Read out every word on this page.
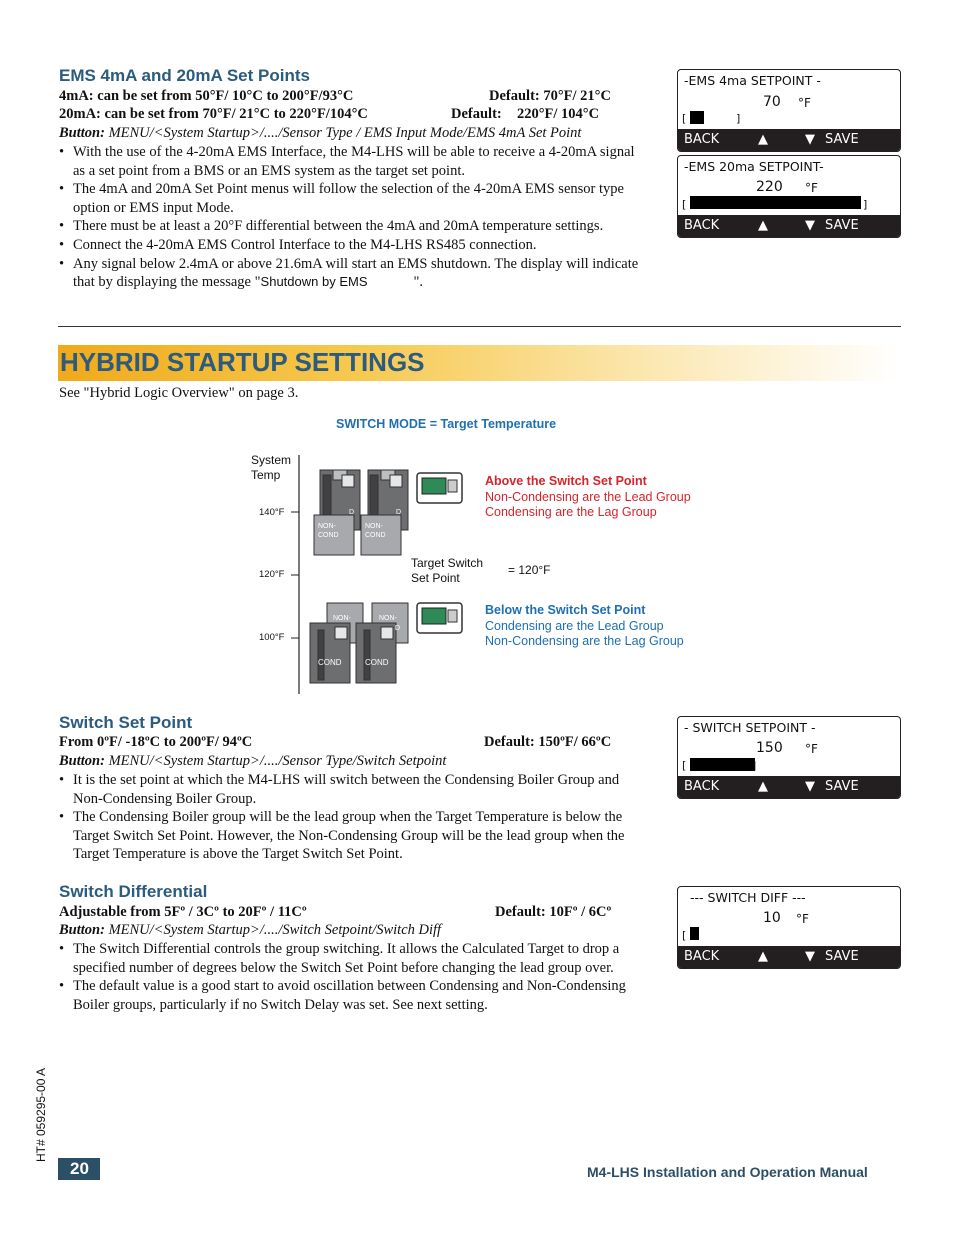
EMS 4mA and 20mA Set Points
4mA: can be set from 50°F/ 10°C to 200°F/93°C	Default: 70°F/ 21°C
20mA: can be set from 70°F/ 21°C to 220°F/104°C	Default: 220°F/ 104°C
Button: MENU/<System Startup>/..../Sensor Type / EMS Input Mode/EMS 4mA Set Point
• With the use of the 4-20mA EMS Interface, the M4-LHS will be able to receive a 4-20mA signal as a set point from a BMS or an EMS system as the target set point.
• The 4mA and 20mA Set Point menus will follow the selection of the 4-20mA EMS sensor type option or EMS input Mode.
• There must be at least a 20°F differential between the 4mA and 20mA temperature settings.
• Connect the 4-20mA EMS Control Interface to the M4-LHS RS485 connection.
• Any signal below 2.4mA or above 21.6mA will start an EMS shutdown. The display will indicate that by displaying the message "Shutdown by EMS	".
-EMS 4ma SETPOINT -
70 °F
[	]
BACK	▲	▼ SAVE
-EMS 20ma SETPOINT-
220 °F
[	]
BACK	▲	▼ SAVE
HYBRID STARTUP SETTINGS
See "Hybrid Logic Overview" on page 3.
SWITCH MODE = Target Temperature
System
Temp
140°F
120°F
100°F
NON-
COND
NON-
COND
D	D
NON-	NON-
D
COND	COND
Target Switch
Set Point
= 120°F
Above the Switch Set Point
Non-Condensing are the Lead Group
Condensing are the Lag Group
Below the Switch Set Point
Condensing are the Lead Group
Non-Condensing are the Lag Group
Switch Set Point
From 0ºF/ -18ºC to 200ºF/ 94ºC	Default: 150ºF/ 66ºC
Button: MENU/<System Startup>/..../Sensor Type/Switch Setpoint
• It is the set point at which the M4-LHS will switch between the Condensing Boiler Group and Non-Condensing Boiler Group.
• The Condensing Boiler group will be the lead group when the Target Temperature is below the Target Switch Set Point. However, the Non-Condensing Group will be the lead group when the Target Temperature is above the Target Switch Set Point.
- SWITCH SETPOINT -
150 °F
[	]
BACK	▲	▼ SAVE
Switch Differential
Adjustable from 5Fº / 3Cº to 20Fº / 11Cº	Default: 10Fº / 6Cº
Button: MENU/<System Startup>/..../Switch Setpoint/Switch Diff
• The Switch Differential controls the group switching. It allows the Calculated Target to drop a specified number of degrees below the Switch Set Point before changing the lead group over.
• The default value is a good start to avoid oscillation between Condensing and Non-Condensing Boiler groups, particularly if no Switch Delay was set. See next setting.
--- SWITCH DIFF ---
10 °F
[
BACK	▲	▼ SAVE
HT# 059295-00 A
20	M4-LHS Installation and Operation Manual
